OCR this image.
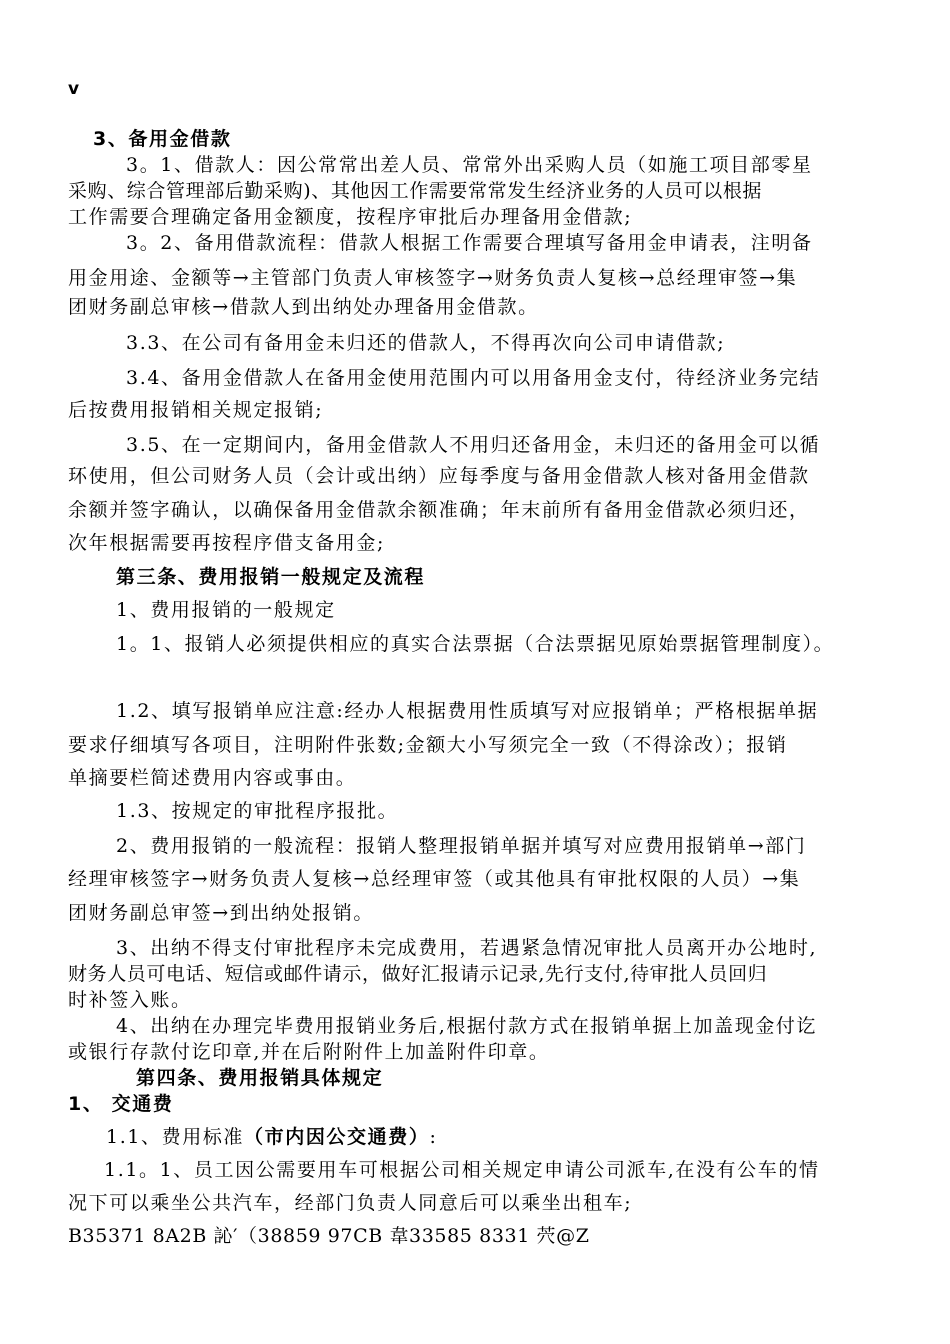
v
3、备用金借款
3。1、借款人：因公常常出差人员、常常外出采购人员（如施工项目部零星
采购、综合管理部后勤采购)、其他因工作需要常常发生经济业务的人员可以根据
工作需要合理确定备用金额度，按程序审批后办理备用金借款;
3。2、备用借款流程：借款人根据工作需要合理填写备用金申请表，注明备
用金用途、金额等→主管部门负责人审核签字→财务负责人复核→总经理审签→集
团财务副总审核→借款人到出纳处办理备用金借款。
3.3、在公司有备用金未归还的借款人，不得再次向公司申请借款;
3.4、备用金借款人在备用金使用范围内可以用备用金支付，待经济业务完结
后按费用报销相关规定报销;
3.5、在一定期间内，备用金借款人不用归还备用金，未归还的备用金可以循
环使用，但公司财务人员（会计或出纳）应每季度与备用金借款人核对备用金借款
余额并签字确认，以确保备用金借款余额准确；年末前所有备用金借款必须归还，
次年根据需要再按程序借支备用金;
第三条、费用报销一般规定及流程
1、费用报销的一般规定
1。1、报销人必须提供相应的真实合法票据（合法票据见原始票据管理制度）。
1.2、填写报销单应注意:经办人根据费用性质填写对应报销单；严格根据单据
要求仔细填写各项目，注明附件张数;金额大小写须完全一致（不得涂改）；报销
单摘要栏简述费用内容或事由。
1.3、按规定的审批程序报批。
2、费用报销的一般流程：报销人整理报销单据并填写对应费用报销单→部门
经理审核签字→财务负责人复核→总经理审签（或其他具有审批权限的人员）→集
团财务副总审签→到出纳处报销。
3、出纳不得支付审批程序未完成费用，若遇紧急情况审批人员离开办公地时,
财务人员可电话、短信或邮件请示，做好汇报请示记录,先行支付,待审批人员回归
时补签入账。
4、出纳在办理完毕费用报销业务后,根据付款方式在报销单据上加盖现金付讫
或银行存款付讫印章,并在后附附件上加盖附件印章。
第四条、费用报销具体规定
1、 交通费
1.1、费用标准（市内因公交通费）:
1.1。1、员工因公需要用车可根据公司相关规定申请公司派车,在没有公车的情
况下可以乘坐公共汽车，经部门负责人同意后可以乘坐出租车;
B35371 8A2B 訫′（38859 97CB 韋33585 8331 茓@Z
